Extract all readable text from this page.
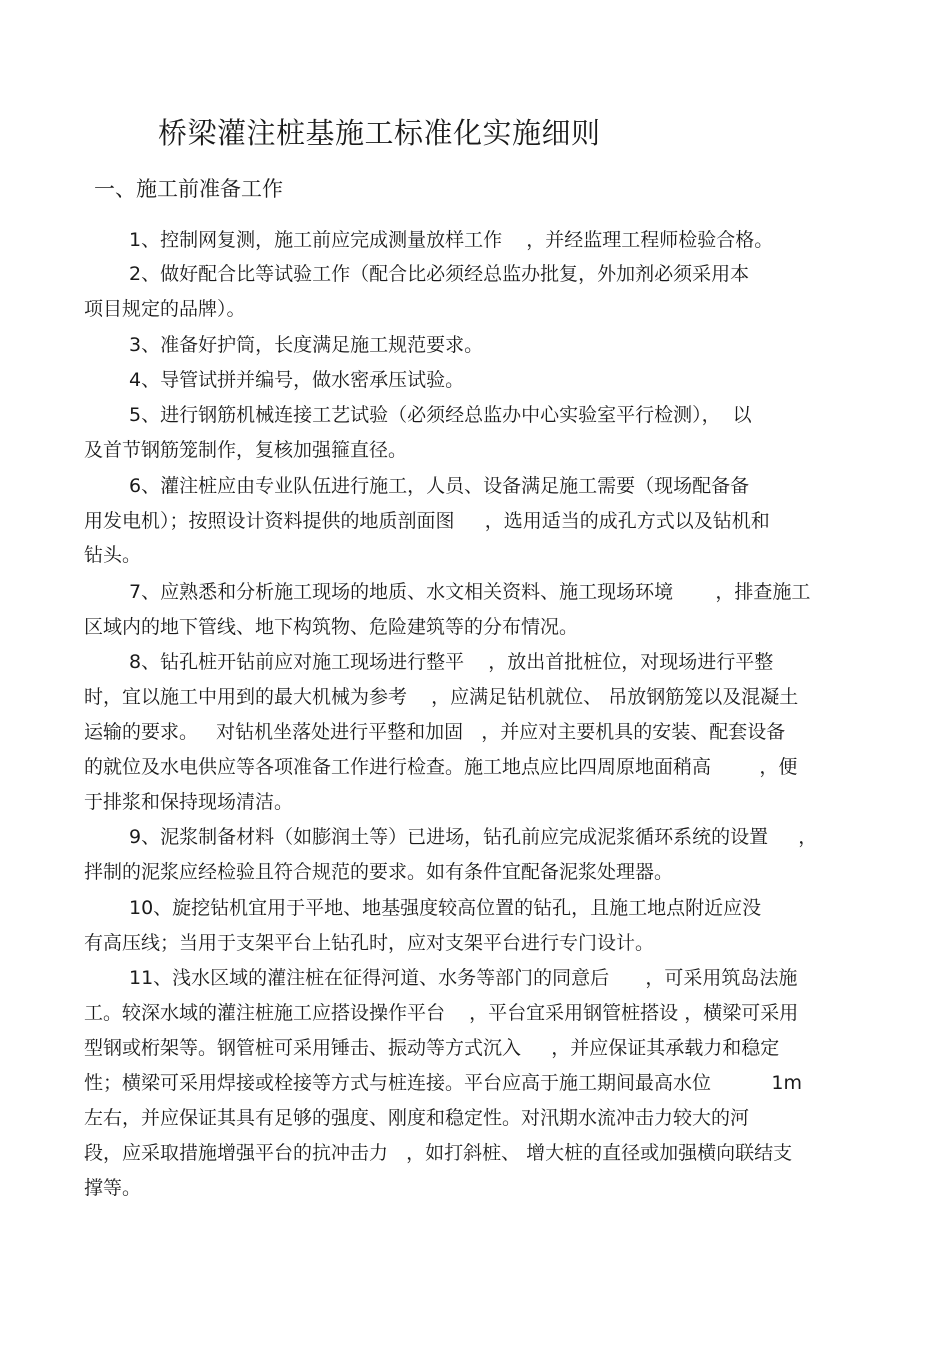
桥梁灌注桩基施工标准化实施细则
一、施工前准备工作
1、控制网复测，施工前应完成测量放样工作    ，并经监理工程师检验合格。
2、做好配合比等试验工作（配合比必须经总监办批复，外加剂必须采用本
项目规定的品牌）。
3、准备好护筒，长度满足施工规范要求。
4、导管试拼并编号，做水密承压试验。
5、进行钢筋机械连接工艺试验（必须经总监办中心实验室平行检测），  以
及首节钢筋笼制作，复核加强箍直径。
6、灌注桩应由专业队伍进行施工，人员、设备满足施工需要（现场配备备
用发电机）；按照设计资料提供的地质剖面图     ，选用适当的成孔方式以及钻机和
钻头。
7、应熟悉和分析施工现场的地质、水文相关资料、施工现场环境       ，排查施工
区域内的地下管线、地下构筑物、危险建筑等的分布情况。
8、钻孔桩开钻前应对施工现场进行整平    ，放出首批桩位，对现场进行平整
时，宜以施工中用到的最大机械为参考    ，应满足钻机就位、 吊放钢筋笼以及混凝土
运输的要求。   对钻机坐落处进行平整和加固   ，并应对主要机具的安装、配套设备
的就位及水电供应等各项准备工作进行检查。施工地点应比四周原地面稍高        ，便
于排浆和保持现场清洁。
9、泥浆制备材料（如膨润土等）已进场，钻孔前应完成泥浆循环系统的设置     ，
拌制的泥浆应经检验且符合规范的要求。如有条件宜配备泥浆处理器。
10、旋挖钻机宜用于平地、地基强度较高位置的钻孔，且施工地点附近应没
有高压线；当用于支架平台上钻孔时，应对支架平台进行专门设计。
11、浅水区域的灌注桩在征得河道、水务等部门的同意后      ，可采用筑岛法施
工。较深水域的灌注桩施工应搭设操作平台    ，平台宜采用钢管桩搭设 ，横梁可采用
型钢或桁架等。钢管桩可采用锤击、振动等方式沉入     ，并应保证其承载力和稳定
性；横梁可采用焊接或栓接等方式与桩连接。平台应高于施工期间最高水位          1m
左右，并应保证其具有足够的强度、刚度和稳定性。对汛期水流冲击力较大的河
段，应采取措施增强平台的抗冲击力   ，如打斜桩、 增大桩的直径或加强横向联结支
撑等。
